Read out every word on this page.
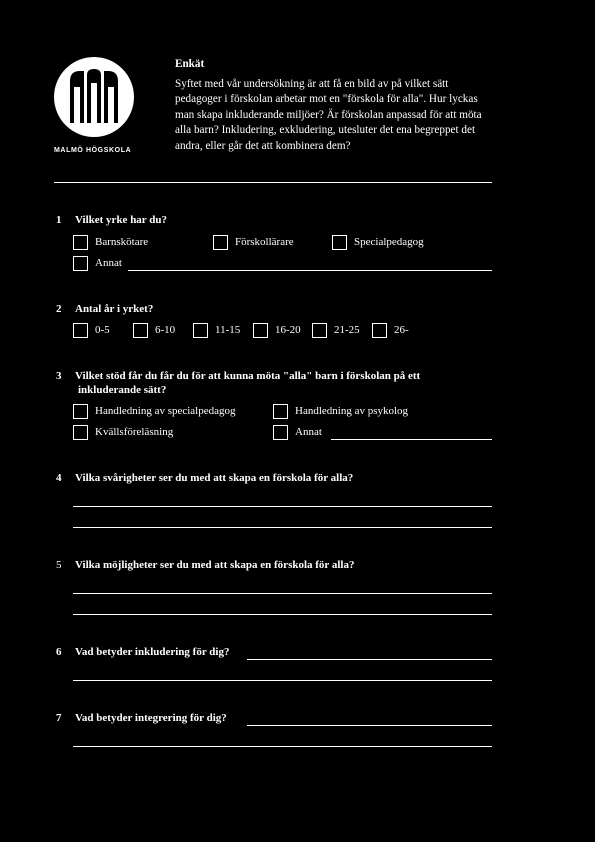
MALMÖ HÖGSKOLA
Enkät
Syftet med vår undersökning är att få en bild av på vilket sätt pedagoger i förskolan arbetar mot en "förskola för alla". Hur lyckas man skapa inkluderande miljöer? Är förskolan anpassad för att möta alla barn? Inkludering, exkludering, utesluter det ena begreppet det andra, eller går det att kombinera dem?
1 Vilket yrke har du?
Barnskötare	Förskollärare	Specialpedagog
Annat
2 Antal år i yrket?
0-5	6-10	11-15	16-20	21-25	26-
3 Vilket stöd får du får du för att kunna möta "alla" barn i förskolan på ett
inkluderande sätt?
Handledning av specialpedagog	Handledning av psykolog
Kvällsföreläsning	Annat
4 Vilka svårigheter ser du med att skapa en förskola för alla?
5 Vilka möjligheter ser du med att skapa en förskola för alla?
6 Vad betyder inkludering för dig?
7 Vad betyder integrering för dig?
